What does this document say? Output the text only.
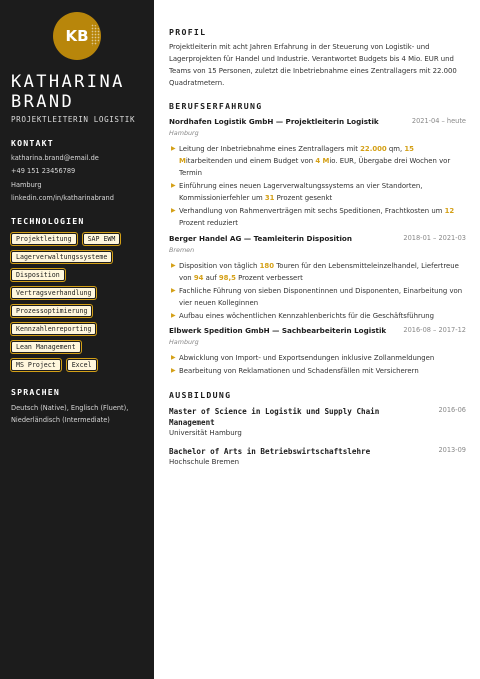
KB
KATHARINA
BRAND
PROJEKTLEITERIN LOGISTIK
KONTAKT
katharina.brand@email.de
+49 151 23456789
Hamburg
linkedin.com/in/katharinabrand
TECHNOLOGIEN
Projektleitung	SAP EWM
Lagerverwaltungssysteme
Disposition
Vertragsverhandlung
Prozessoptimierung
Kennzahlenreporting
Lean Management
MS Project	Excel
SPRACHEN
Deutsch (Native), Englisch (Fluent), Niederländisch (Intermediate)
PROFIL
Projektleiterin mit acht Jahren Erfahrung in der Steuerung von Logistik- und Lagerprojekten für Handel und Industrie. Verantwortet Budgets bis 4 Mio. EUR und Teams von 15 Personen, zuletzt die Inbetriebnahme eines Zentrallagers mit 22.000 Quadratmetern.
BERUFSERFAHRUNG
Nordhafen Logistik GmbH — Projektleiterin Logistik	2021-04 – heute
Hamburg
▶ Leitung der Inbetriebnahme eines Zentrallagers mit 22.000 qm, 15
Mitarbeitenden und einem Budget von 4 Mio. EUR, Übergabe drei Wochen vor Termin
▶ Einführung eines neuen Lagerverwaltungssystems an vier Standorten, Kommissionierfehler um 31 Prozent gesenkt
▶ Verhandlung von Rahmenverträgen mit sechs Speditionen, Frachtkosten um 12 Prozent reduziert
Berger Handel AG — Teamleiterin Disposition	2018-01 – 2021-03
Bremen
▶ Disposition von täglich 180 Touren für den Lebensmitteleinzelhandel, Liefertreue von 94 auf 98,5 Prozent verbessert
▶ Fachliche Führung von sieben Disponentinnen und Disponenten, Einarbeitung von vier neuen Kolleginnen
▶ Aufbau eines wöchentlichen Kennzahlenberichts für die Geschäftsführung
Elbwerk Spedition GmbH — Sachbearbeiterin Logistik	2016-08 – 2017-12
Hamburg
▶ Abwicklung von Import- und Exportsendungen inklusive Zollanmeldungen
▶ Bearbeitung von Reklamationen und Schadensfällen mit Versicherern
AUSBILDUNG
Master of Science in Logistik und Supply Chain Management
2016-06
Universität Hamburg
Bachelor of Arts in Betriebswirtschaftslehre	2013-09
Hochschule Bremen
